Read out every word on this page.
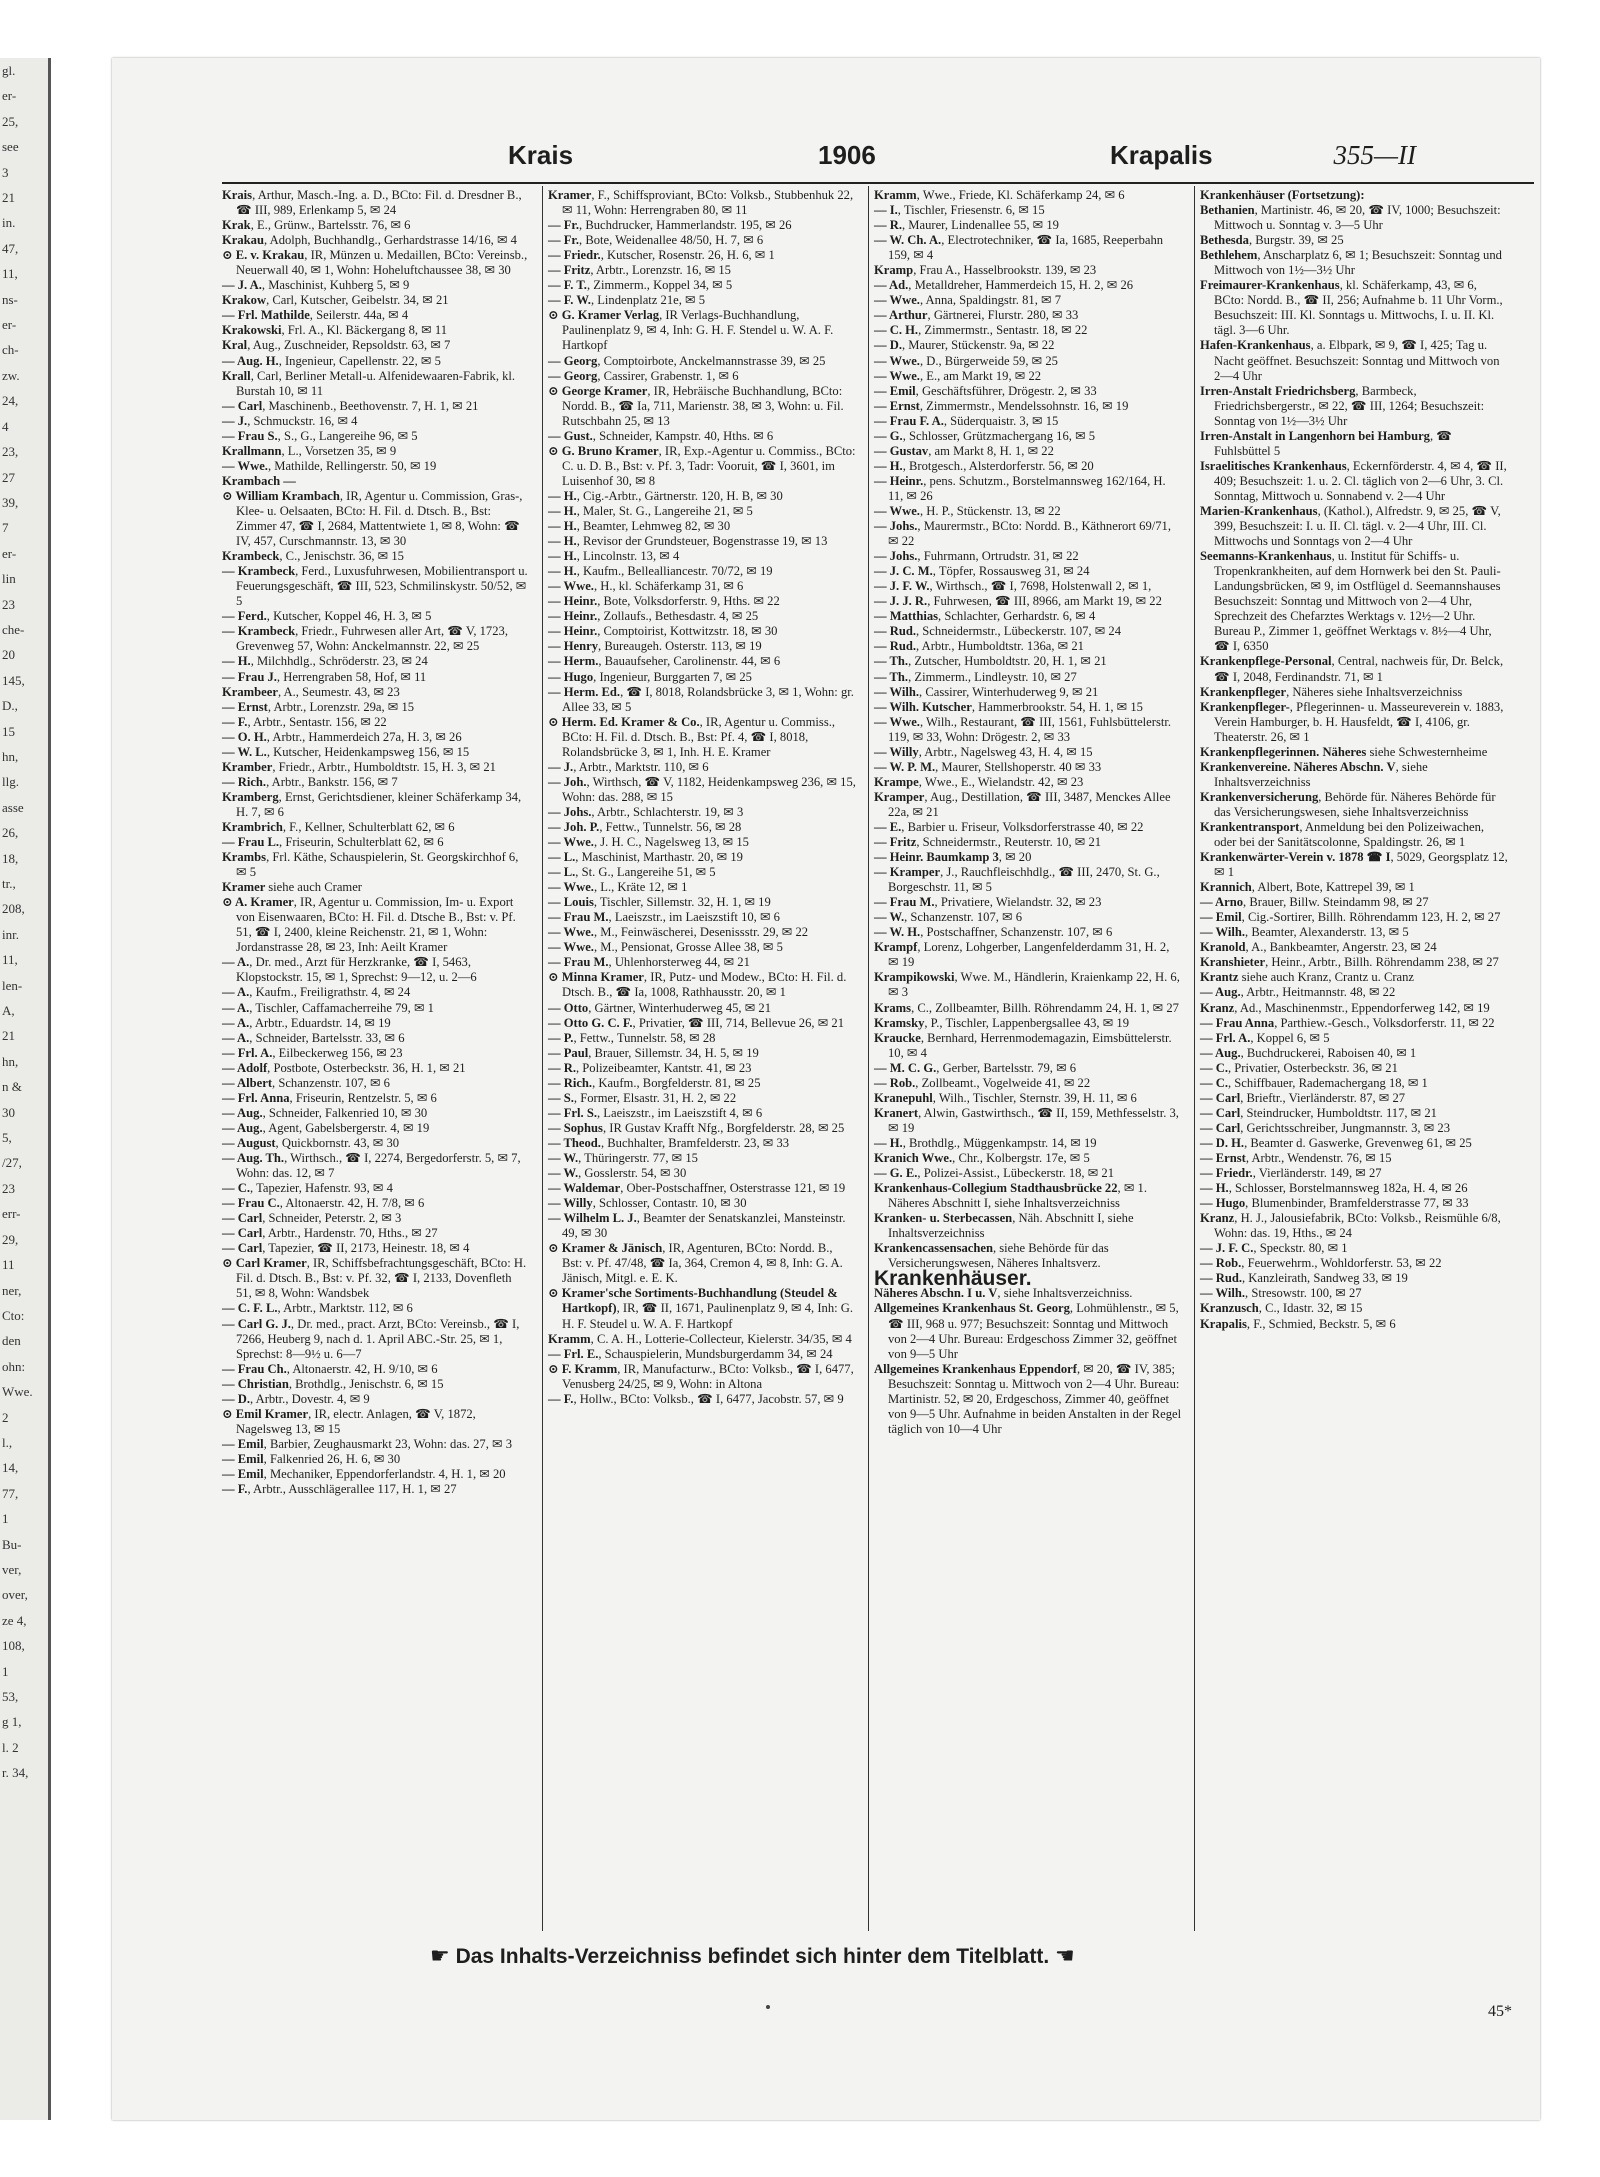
gl.
er-
25,
see
3
21
in.
47,
11,
ns-
er-
ch-
zw.
24,
4
23,
27
39,
7
er-
lin
23
che-
20
145,
D.,
15
hn,
llg.
asse
26,
18,
tr.,
208,
inr.
11,
len-
A,
21
hn,
n &
30
5,
/27,
23
err-
29,
11
ner,
Cto:
den
ohn:
Wwe.
2
l.,
14,
77,
1
Bu-
ver,
over,
ze 4,
108,
1
53,
g 1,
l. 2
r. 34,
Krais	1906	Krapalis	355—II

Krais, Arthur, Masch.-Ing. a. D., BCto: Fil. d. Dresdner B., ☎ III, 989, Erlenkamp 5, ✉ 24

Krak, E., Grünw., Bartelsstr. 76, ✉ 6

Krakau, Adolph, Buchhandlg., Gerhardstrasse 14/16, ✉ 4

⊙ E. v. Krakau, IR, Münzen u. Medaillen, BCto: Vereinsb., Neuerwall 40, ✉ 1, Wohn: Hoheluftchaussee 38, ✉ 30

— J. A., Maschinist, Kuhberg 5, ✉ 9

Krakow, Carl, Kutscher, Geibelstr. 34, ✉ 21

— Frl. Mathilde, Seilerstr. 44a, ✉ 4

Krakowski, Frl. A., Kl. Bäckergang 8, ✉ 11

Kral, Aug., Zuschneider, Repsoldstr. 63, ✉ 7

— Aug. H., Ingenieur, Capellenstr. 22, ✉ 5

Krall, Carl, Berliner Metall-u. Alfenidewaaren-Fabrik, kl. Burstah 10, ✉ 11

— Carl, Maschinenb., Beethovenstr. 7, H. 1, ✉ 21

— J., Schmuckstr. 16, ✉ 4

— Frau S., S., G., Langereihe 96, ✉ 5

Krallmann, L., Vorsetzen 35, ✉ 9

— Wwe., Mathilde, Rellingerstr. 50, ✉ 19

Krambach —

⊙ William Krambach, IR, Agentur u. Commission, Gras-, Klee- u. Oelsaaten, BCto: H. Fil. d. Dtsch. B., Bst: Zimmer 47, ☎ I, 2684, Mattentwiete 1, ✉ 8, Wohn: ☎ IV, 457, Curschmannstr. 13, ✉ 30

Krambeck, C., Jenischstr. 36, ✉ 15

— Krambeck, Ferd., Luxusfuhrwesen, Mobilientransport u. Feuerungsgeschäft, ☎ III, 523, Schmilinskystr. 50/52, ✉ 5

— Ferd., Kutscher, Koppel 46, H. 3, ✉ 5

— Krambeck, Friedr., Fuhrwesen aller Art, ☎ V, 1723, Grevenweg 57, Wohn: Anckelmannstr. 22, ✉ 25

— H., Milchhdlg., Schröderstr. 23, ✉ 24

— Frau J., Herrengraben 58, Hof, ✉ 11

Krambeer, A., Seumestr. 43, ✉ 23

— Ernst, Arbtr., Lorenzstr. 29a, ✉ 15

— F., Arbtr., Sentastr. 156, ✉ 22

— O. H., Arbtr., Hammerdeich 27a, H. 3, ✉ 26

— W. L., Kutscher, Heidenkampsweg 156, ✉ 15

Kramber, Friedr., Arbtr., Humboldtstr. 15, H. 3, ✉ 21

— Rich., Arbtr., Bankstr. 156, ✉ 7

Kramberg, Ernst, Gerichtsdiener, kleiner Schäferkamp 34, H. 7, ✉ 6

Krambrich, F., Kellner, Schulterblatt 62, ✉ 6

— Frau L., Friseurin, Schulterblatt 62, ✉ 6

Krambs, Frl. Käthe, Schauspielerin, St. Georgskirchhof 6, ✉ 5

Kramer siehe auch Cramer

⊙ A. Kramer, IR, Agentur u. Commission, Im- u. Export von Eisenwaaren, BCto: H. Fil. d. Dtsche B., Bst: v. Pf. 51, ☎ I, 2400, kleine Reichenstr. 21, ✉ 1, Wohn: Jordanstrasse 28, ✉ 23, Inh: Aeilt Kramer

— A., Dr. med., Arzt für Herzkranke, ☎ I, 5463, Klopstockstr. 15, ✉ 1, Sprechst: 9—12, u. 2—6

— A., Kaufm., Freiligrathstr. 4, ✉ 24

— A., Tischler, Caffamacherreihe 79, ✉ 1

— A., Arbtr., Eduardstr. 14, ✉ 19

— A., Schneider, Bartelsstr. 33, ✉ 6

— Frl. A., Eilbeckerweg 156, ✉ 23

— Adolf, Postbote, Osterbeckstr. 36, H. 1, ✉ 21

— Albert, Schanzenstr. 107, ✉ 6

— Frl. Anna, Friseurin, Rentzelstr. 5, ✉ 6

— Aug., Schneider, Falkenried 10, ✉ 30

— Aug., Agent, Gabelsbergerstr. 4, ✉ 19

— August, Quickbornstr. 43, ✉ 30

— Aug. Th., Wirthsch., ☎ I, 2274, Bergedorferstr. 5, ✉ 7, Wohn: das. 12, ✉ 7

— C., Tapezier, Hafenstr. 93, ✉ 4

— Frau C., Altonaerstr. 42, H. 7/8, ✉ 6

— Carl, Schneider, Peterstr. 2, ✉ 3

— Carl, Arbtr., Hardenstr. 70, Hths., ✉ 27

— Carl, Tapezier, ☎ II, 2173, Heinestr. 18, ✉ 4

⊙ Carl Kramer, IR, Schiffsbefrachtungsgeschäft, BCto: H. Fil. d. Dtsch. B., Bst: v. Pf. 32, ☎ I, 2133, Dovenfleth 51, ✉ 8, Wohn: Wandsbek

— C. F. L., Arbtr., Marktstr. 112, ✉ 6

— Carl G. J., Dr. med., pract. Arzt, BCto: Vereinsb., ☎ I, 7266, Heuberg 9, nach d. 1. April ABC.-Str. 25, ✉ 1, Sprechst: 8—9½ u. 6—7

— Frau Ch., Altonaerstr. 42, H. 9/10, ✉ 6

— Christian, Brothdlg., Jenischstr. 6, ✉ 15

— D., Arbtr., Dovestr. 4, ✉ 9

⊙ Emil Kramer, IR, electr. Anlagen, ☎ V, 1872, Nagelsweg 13, ✉ 15

— Emil, Barbier, Zeughausmarkt 23, Wohn: das. 27, ✉ 3

— Emil, Falkenried 26, H. 6, ✉ 30

— Emil, Mechaniker, Eppendorferlandstr. 4, H. 1, ✉ 20

— F., Arbtr., Ausschlägerallee 117, H. 1, ✉ 27

Kramer, F., Schiffsproviant, BCto: Volksb., Stubbenhuk 22, ✉ 11, Wohn: Herrengraben 80, ✉ 11

— Fr., Buchdrucker, Hammerlandstr. 195, ✉ 26

— Fr., Bote, Weidenallee 48/50, H. 7, ✉ 6

— Friedr., Kutscher, Rosenstr. 26, H. 6, ✉ 1

— Fritz, Arbtr., Lorenzstr. 16, ✉ 15

— F. T., Zimmerm., Koppel 34, ✉ 5

— F. W., Lindenplatz 21e, ✉ 5

⊙ G. Kramer Verlag, IR Verlags-Buchhandlung, Paulinenplatz 9, ✉ 4, Inh: G. H. F. Stendel u. W. A. F. Hartkopf

— Georg, Comptoirbote, Anckelmannstrasse 39, ✉ 25

— Georg, Cassirer, Grabenstr. 1, ✉ 6

⊙ George Kramer, IR, Hebräische Buchhandlung, BCto: Nordd. B., ☎ Ia, 711, Marienstr. 38, ✉ 3, Wohn: u. Fil. Rutschbahn 25, ✉ 13

— Gust., Schneider, Kampstr. 40, Hths. ✉ 6

⊙ G. Bruno Kramer, IR, Exp.-Agentur u. Commiss., BCto: C. u. D. B., Bst: v. Pf. 3, Tadr: Vooruit, ☎ I, 3601, im Luisenhof 30, ✉ 8

— H., Cig.-Arbtr., Gärtnerstr. 120, H. B, ✉ 30

— H., Maler, St. G., Langereihe 21, ✉ 5

— H., Beamter, Lehmweg 82, ✉ 30

— H., Revisor der Grundsteuer, Bogenstrasse 19, ✉ 13

— H., Lincolnstr. 13, ✉ 4

— H., Kaufm., Bellealliancestr. 70/72, ✉ 19

— Wwe., H., kl. Schäferkamp 31, ✉ 6

— Heinr., Bote, Volksdorferstr. 9, Hths. ✉ 22

— Heinr., Zollaufs., Bethesdastr. 4, ✉ 25

— Heinr., Comptoirist, Kottwitzstr. 18, ✉ 30

— Henry, Bureaugeh. Osterstr. 113, ✉ 19

— Herm., Bauaufseher, Carolinenstr. 44, ✉ 6

— Hugo, Ingenieur, Burggarten 7, ✉ 25

— Herm. Ed., ☎ I, 8018, Rolandsbrücke 3, ✉ 1, Wohn: gr. Allee 33, ✉ 5

⊙ Herm. Ed. Kramer & Co., IR, Agentur u. Commiss., BCto: H. Fil. d. Dtsch. B., Bst: Pf. 4, ☎ I, 8018, Rolandsbrücke 3, ✉ 1, Inh. H. E. Kramer

— J., Arbtr., Marktstr. 110, ✉ 6

— Joh., Wirthsch, ☎ V, 1182, Heidenkampsweg 236, ✉ 15, Wohn: das. 288, ✉ 15

— Johs., Arbtr., Schlachterstr. 19, ✉ 3

— Joh. P., Fettw., Tunnelstr. 56, ✉ 28

— Wwe., J. H. C., Nagelsweg 13, ✉ 15

— L., Maschinist, Marthastr. 20, ✉ 19

— L., St. G., Langereihe 51, ✉ 5

— Wwe., L., Kräte 12, ✉ 1

— Louis, Tischler, Sillemstr. 32, H. 1, ✉ 19

— Frau M., Laeiszstr., im Laeiszstift 10, ✉ 6

— Wwe., M., Feinwäscherei, Desenissstr. 29, ✉ 22

— Wwe., M., Pensionat, Grosse Allee 38, ✉ 5

— Frau M., Uhlenhorsterweg 44, ✉ 21

⊙ Minna Kramer, IR, Putz- und Modew., BCto: H. Fil. d. Dtsch. B., ☎ Ia, 1008, Rathhausstr. 20, ✉ 1

— Otto, Gärtner, Winterhuderweg 45, ✉ 21

— Otto G. C. F., Privatier, ☎ III, 714, Bellevue 26, ✉ 21

— P., Fettw., Tunnelstr. 58, ✉ 28

— Paul, Brauer, Sillemstr. 34, H. 5, ✉ 19

— R., Polizeibeamter, Kantstr. 41, ✉ 23

— Rich., Kaufm., Borgfelderstr. 81, ✉ 25

— S., Former, Elsastr. 31, H. 2, ✉ 22

— Frl. S., Laeiszstr., im Laeiszstift 4, ✉ 6

— Sophus, IR Gustav Krafft Nfg., Borgfelderstr. 28, ✉ 25

— Theod., Buchhalter, Bramfelderstr. 23, ✉ 33

— W., Thüringerstr. 77, ✉ 15

— W., Gosslerstr. 54, ✉ 30

— Waldemar, Ober-Postschaffner, Osterstrasse 121, ✉ 19

— Willy, Schlosser, Contastr. 10, ✉ 30

— Wilhelm L. J., Beamter der Senatskanzlei, Mansteinstr. 49, ✉ 30

⊙ Kramer & Jänisch, IR, Agenturen, BCto: Nordd. B., Bst: v. Pf. 47/48, ☎ Ia, 364, Cremon 4, ✉ 8, Inh: G. A. Jänisch, Mitgl. e. E. K.

⊙ Kramer'sche Sortiments-Buchhandlung (Steudel & Hartkopf), IR, ☎ II, 1671, Paulinenplatz 9, ✉ 4, Inh: G. H. F. Steudel u. W. A. F. Hartkopf

Kramm, C. A. H., Lotterie-Collecteur, Kielerstr. 34/35, ✉ 4

— Frl. E., Schauspielerin, Mundsburgerdamm 34, ✉ 24

⊙ F. Kramm, IR, Manufacturw., BCto: Volksb., ☎ I, 6477, Venusberg 24/25, ✉ 9, Wohn: in Altona

— F., Hollw., BCto: Volksb., ☎ I, 6477, Jacobstr. 57, ✉ 9

Kramm, Wwe., Friede, Kl. Schäferkamp 24, ✉ 6

— I., Tischler, Friesenstr. 6, ✉ 15

— R., Maurer, Lindenallee 55, ✉ 19

— W. Ch. A., Electrotechniker, ☎ Ia, 1685, Reeperbahn 159, ✉ 4

Kramp, Frau A., Hasselbrookstr. 139, ✉ 23

— Ad., Metalldreher, Hammerdeich 15, H. 2, ✉ 26

— Wwe., Anna, Spaldingstr. 81, ✉ 7

— Arthur, Gärtnerei, Flurstr. 280, ✉ 33

— C. H., Zimmermstr., Sentastr. 18, ✉ 22

— D., Maurer, Stückenstr. 9a, ✉ 22

— Wwe., D., Bürgerweide 59, ✉ 25

— Wwe., E., am Markt 19, ✉ 22

— Emil, Geschäftsführer, Drögestr. 2, ✉ 33

— Ernst, Zimmermstr., Mendelssohnstr. 16, ✉ 19

— Frau F. A., Süderquaistr. 3, ✉ 15

— G., Schlosser, Grützmachergang 16, ✉ 5

— Gustav, am Markt 8, H. 1, ✉ 22

— H., Brotgesch., Alsterdorferstr. 56, ✉ 20

— Heinr., pens. Schutzm., Borstelmannsweg 162/164, H. 11, ✉ 26

— Wwe., H. P., Stückenstr. 13, ✉ 22

— Johs., Maurermstr., BCto: Nordd. B., Käthnerort 69/71, ✉ 22

— Johs., Fuhrmann, Ortrudstr. 31, ✉ 22

— J. C. M., Töpfer, Rossausweg 31, ✉ 24

— J. F. W., Wirthsch., ☎ I, 7698, Holstenwall 2, ✉ 1,

— J. J. R., Fuhrwesen, ☎ III, 8966, am Markt 19, ✉ 22

— Matthias, Schlachter, Gerhardstr. 6, ✉ 4

— Rud., Schneidermstr., Lübeckerstr. 107, ✉ 24

— Rud., Arbtr., Humboldtstr. 136a, ✉ 21

— Th., Zutscher, Humboldtstr. 20, H. 1, ✉ 21

— Th., Zimmerm., Lindleystr. 10, ✉ 27

— Wilh., Cassirer, Winterhuderweg 9, ✉ 21

— Wilh. Kutscher, Hammerbrookstr. 54, H. 1, ✉ 15

— Wwe., Wilh., Restaurant, ☎ III, 1561, Fuhlsbüttelerstr. 119, ✉ 33, Wohn: Drögestr. 2, ✉ 33

— Willy, Arbtr., Nagelsweg 43, H. 4, ✉ 15

— W. P. M., Maurer, Stellshoperstr. 40 ✉ 33

Krampe, Wwe., E., Wielandstr. 42, ✉ 23

Kramper, Aug., Destillation, ☎ III, 3487, Menckes Allee 22a, ✉ 21

— E., Barbier u. Friseur, Volksdorferstrasse 40, ✉ 22

— Fritz, Schneidermstr., Reuterstr. 10, ✉ 21

— Heinr. Baumkamp 3, ✉ 20

— Kramper, J., Rauchfleischhdlg., ☎ III, 2470, St. G., Borgeschstr. 11, ✉ 5

— Frau M., Privatiere, Wielandstr. 32, ✉ 23

— W., Schanzenstr. 107, ✉ 6

— W. H., Postschaffner, Schanzenstr. 107, ✉ 6

Krampf, Lorenz, Lohgerber, Langenfelderdamm 31, H. 2, ✉ 19

Krampikowski, Wwe. M., Händlerin, Kraienkamp 22, H. 6, ✉ 3

Krams, C., Zollbeamter, Billh. Röhrendamm 24, H. 1, ✉ 27

Kramsky, P., Tischler, Lappenbergsallee 43, ✉ 19

Kraucke, Bernhard, Herrenmodemagazin, Eimsbüttelerstr. 10, ✉ 4

— M. C. G., Gerber, Bartelsstr. 79, ✉ 6

— Rob., Zollbeamt., Vogelweide 41, ✉ 22

Kranepuhl, Wilh., Tischler, Sternstr. 39, H. 11, ✉ 6

Kranert, Alwin, Gastwirthsch., ☎ II, 159, Methfesselstr. 3, ✉ 19

— H., Brothdlg., Müggenkampstr. 14, ✉ 19

Kranich Wwe., Chr., Kolbergstr. 17e, ✉ 5

— G. E., Polizei-Assist., Lübeckerstr. 18, ✉ 21

Krankenhaus-Collegium Stadthausbrücke 22, ✉ 1. Näheres Abschnitt I, siehe Inhaltsverzeichniss

Kranken- u. Sterbecassen, Näh. Abschnitt I, siehe Inhaltsverzeichniss

Krankencassensachen, siehe Behörde für das Versicherungswesen, Näheres Inhaltsverz.

Krankenhäuser.

Näheres Abschn. I u. V, siehe Inhaltsverzeichniss.

Allgemeines Krankenhaus St. Georg, Lohmühlenstr., ✉ 5, ☎ III, 968 u. 977; Besuchszeit: Sonntag und Mittwoch von 2—4 Uhr. Bureau: Erdgeschoss Zimmer 32, geöffnet von 9—5 Uhr

Allgemeines Krankenhaus Eppendorf, ✉ 20, ☎ IV, 385; Besuchszeit: Sonntag u. Mittwoch von 2—4 Uhr. Bureau: Martinistr. 52, ✉ 20, Erdgeschoss, Zimmer 40, geöffnet von 9—5 Uhr. Aufnahme in beiden Anstalten in der Regel täglich von 10—4 Uhr

Krankenhäuser (Fortsetzung):

Bethanien, Martinistr. 46, ✉ 20, ☎ IV, 1000; Besuchszeit: Mittwoch u. Sonntag v. 3—5 Uhr

Bethesda, Burgstr. 39, ✉ 25

Bethlehem, Anscharplatz 6, ✉ 1; Besuchszeit: Sonntag und Mittwoch von 1½—3½ Uhr

Freimaurer-Krankenhaus, kl. Schäferkamp, 43, ✉ 6, BCto: Nordd. B., ☎ II, 256; Aufnahme b. 11 Uhr Vorm., Besuchszeit: III. Kl. Sonntags u. Mittwochs, I. u. II. Kl. tägl. 3—6 Uhr.

Hafen-Krankenhaus, a. Elbpark, ✉ 9, ☎ I, 425; Tag u. Nacht geöffnet. Besuchszeit: Sonntag und Mittwoch von 2—4 Uhr

Irren-Anstalt Friedrichsberg, Barmbeck, Friedrichsbergerstr., ✉ 22, ☎ III, 1264; Besuchszeit: Sonntag von 1½—3½ Uhr

Irren-Anstalt in Langenhorn bei Hamburg, ☎ Fuhlsbüttel 5

Israelitisches Krankenhaus, Eckernförderstr. 4, ✉ 4, ☎ II, 409; Besuchszeit: 1. u. 2. Cl. täglich von 2—6 Uhr, 3. Cl. Sonntag, Mittwoch u. Sonnabend v. 2—4 Uhr

Marien-Krankenhaus, (Kathol.), Alfredstr. 9, ✉ 25, ☎ V, 399, Besuchszeit: I. u. II. Cl. tägl. v. 2—4 Uhr, III. Cl. Mittwochs und Sonntags von 2—4 Uhr

Seemanns-Krankenhaus, u. Institut für Schiffs- u. Tropenkrankheiten, auf dem Hornwerk bei den St. Pauli-Landungsbrücken, ✉ 9, im Ostflügel d. Seemannshauses Besuchszeit: Sonntag und Mittwoch von 2—4 Uhr, Sprechzeit des Chefarztes Werktags v. 12½—2 Uhr. Bureau P., Zimmer 1, geöffnet Werktags v. 8½—4 Uhr, ☎ I, 6350

Krankenpflege-Personal, Central, nachweis für, Dr. Belck, ☎ I, 2048, Ferdinandstr. 71, ✉ 1

Krankenpfleger, Näheres siehe Inhaltsverzeichniss

Krankenpfleger-, Pflegerinnen- u. Masseureverein v. 1883, Verein Hamburger, b. H. Hausfeldt, ☎ I, 4106, gr. Theaterstr. 26, ✉ 1

Krankenpflegerinnen. Näheres siehe Schwesternheime

Krankenvereine. Näheres Abschn. V, siehe Inhaltsverzeichniss

Krankenversicherung, Behörde für. Näheres Behörde für das Versicherungswesen, siehe Inhaltsverzeichniss

Krankentransport, Anmeldung bei den Polizeiwachen, oder bei der Sanitätscolonne, Spaldingstr. 26, ✉ 1

Krankenwärter-Verein v. 1878 ☎ I, 5029, Georgsplatz 12, ✉ 1

Krannich, Albert, Bote, Kattrepel 39, ✉ 1

— Arno, Brauer, Billw. Steindamm 98, ✉ 27

— Emil, Cig.-Sortirer, Billh. Röhrendamm 123, H. 2, ✉ 27

— Wilh., Beamter, Alexanderstr. 13, ✉ 5

Kranold, A., Bankbeamter, Angerstr. 23, ✉ 24

Kranshieter, Heinr., Arbtr., Billh. Röhrendamm 238, ✉ 27

Krantz siehe auch Kranz, Crantz u. Cranz

— Aug., Arbtr., Heitmannstr. 48, ✉ 22

Kranz, Ad., Maschinenmstr., Eppendorferweg 142, ✉ 19

— Frau Anna, Parthiew.-Gesch., Volksdorferstr. 11, ✉ 22

— Frl. A., Koppel 6, ✉ 5

— Aug., Buchdruckerei, Raboisen 40, ✉ 1

— C., Privatier, Osterbeckstr. 36, ✉ 21

— C., Schiffbauer, Rademachergang 18, ✉ 1

— Carl, Brieftr., Vierländerstr. 87, ✉ 27

— Carl, Steindrucker, Humboldtstr. 117, ✉ 21

— Carl, Gerichtsschreiber, Jungmannstr. 3, ✉ 23

— D. H., Beamter d. Gaswerke, Grevenweg 61, ✉ 25

— Ernst, Arbtr., Wendenstr. 76, ✉ 15

— Friedr., Vierländerstr. 149, ✉ 27

— H., Schlosser, Borstelmannsweg 182a, H. 4, ✉ 26

— Hugo, Blumenbinder, Bramfelderstrasse 77, ✉ 33

Kranz, H. J., Jalousiefabrik, BCto: Volksb., Reismühle 6/8, Wohn: das. 19, Hths., ✉ 24

— J. F. C., Speckstr. 80, ✉ 1

— Rob., Feuerwehrm., Wohldorferstr. 53, ✉ 22

— Rud., Kanzleirath, Sandweg 33, ✉ 19

— Wilh., Stresowstr. 100, ✉ 27

Kranzusch, C., Idastr. 32, ✉ 15

Krapalis, F., Schmied, Beckstr. 5, ✉ 6

☛ Das Inhalts-Verzeichniss befindet sich hinter dem Titelblatt. ☚
45*
